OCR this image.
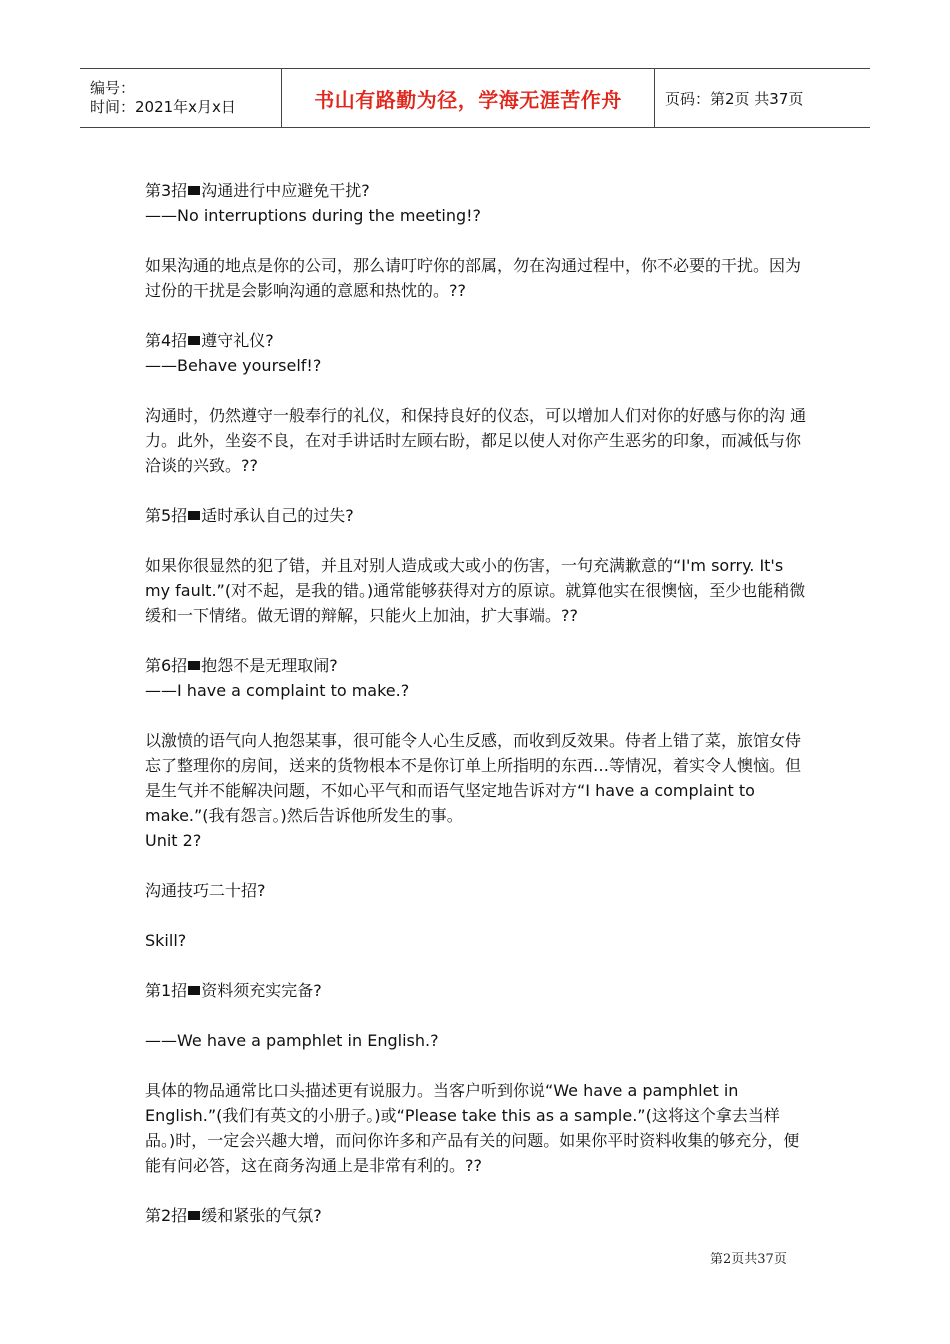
编号：
时间：2021年x月x日	书山有路勤为径，学海无涯苦作舟	页码：第2页 共37页

第3招 沟通进行中应避免干扰?

——No interruptions during the meeting!?

如果沟通的地点是你的公司，那么请叮咛你的部属，勿在沟通过程中，你不必要的干扰。因为过份的干扰是会影响沟通的意愿和热忱的。??

第4招 遵守礼仪?

——Behave yourself!?

沟通时，仍然遵守一般奉行的礼仪，和保持良好的仪态，可以增加人们对你的好感与你的沟 通力。此外，坐姿不良，在对手讲话时左顾右盼，都足以使人对你产生恶劣的印象，而减低与你洽谈的兴致。??

第5招 适时承认自己的过失?

如果你很显然的犯了错，并且对别人造成或大或小的伤害，一句充满歉意的“I'm sorry. It's my fault.”(对不起，是我的错。)通常能够获得对方的原谅。就算他实在很懊恼，至少也能稍微缓和一下情绪。做无谓的辩解，只能火上加油，扩大事端。??

第6招 抱怨不是无理取闹?

——I have a complaint to make.?

以激愤的语气向人抱怨某事，很可能令人心生反感，而收到反效果。侍者上错了菜，旅馆女侍忘了整理你的房间，送来的货物根本不是你订单上所指明的东西…等情况，着实令人懊恼。但是生气并不能解决问题，不如心平气和而语气坚定地告诉对方“I have a complaint to make.”(我有怨言。)然后告诉他所发生的事。

Unit 2?

沟通技巧二十招?

Skill?

第1招 资料须充实完备?

——We have a pamphlet in English.?

具体的物品通常比口头描述更有说服力。当客户听到你说“We have a pamphlet in English.”(我们有英文的小册子。)或“Please take this as a sample.”(这将这个拿去当样品。)时，一定会兴趣大增，而问你许多和产品有关的问题。如果你平时资料收集的够充分，便能有问必答，这在商务沟通上是非常有利的。??

第2招 缓和紧张的气氛?

第2页共37页
